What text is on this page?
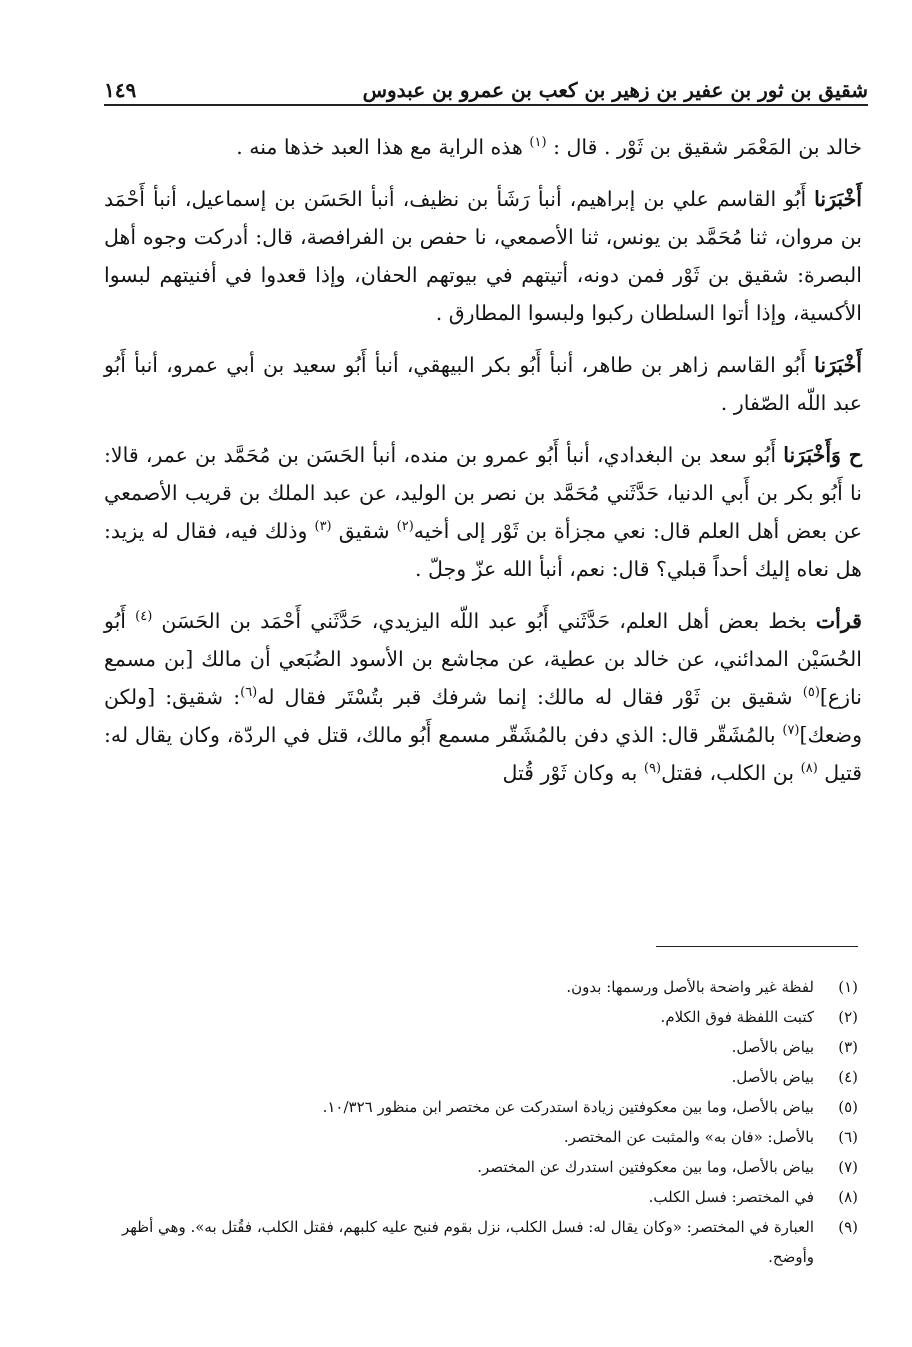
شقيق بن ثور بن عفير بن زهير بن كعب بن عمرو بن عبدوس
١٤٩

خالد بن المَعْمَر شقيق بن ثَوْر . قال : $^{(١)}$ هذه الراية مع هذا العبد خذها منه .

أَخْبَرَنا أَبُو القاسم علي بن إبراهيم، أنبأ رَشَأ بن نظيف، أنبأ الحَسَن بن إسماعيل، أنبأ أَحْمَد بن مروان، ثنا مُحَمَّد بن يونس، ثنا الأصمعي، نا حفص بن الفرافصة، قال: أدركت وجوه أهل البصرة: شقيق بن ثَوْر فمن دونه، أتيتهم في بيوتهم الحفان، وإذا قعدوا في أفنيتهم لبسوا الأكسية، وإذا أتوا السلطان ركبوا ولبسوا المطارق .

أَخْبَرَنا أَبُو القاسم زاهر بن طاهر، أنبأ أَبُو بكر البيهقي، أنبأ أَبُو سعيد بن أبي عمرو، أنبأ أَبُو عبد اللّه الصّفار .

ح وَأَخْبَرَنا أَبُو سعد بن البغدادي، أنبأ أَبُو عمرو بن منده، أنبأ الحَسَن بن مُحَمَّد بن عمر، قالا: نا أَبُو بكر بن أَبي الدنيا، حَدَّثَني مُحَمَّد بن نصر بن الوليد، عن عبد الملك بن قريب الأصمعي عن بعض أهل العلم قال: نعي مجزأة بن ثَوْر إلى أخيه$^{(٢)}$ شقيق $^{(٣)}$ وذلك فيه، فقال له يزيد: هل نعاه إليك أحداً قبلي؟ قال: نعم، أنبأ الله عزّ وجلّ .

قرأت بخط بعض أهل العلم، حَدَّثَني أَبُو عبد اللّه اليزيدي، حَدَّثَني أَحْمَد بن الحَسَن $^{(٤)}$ أَبُو الحُسَيْن المدائني، عن خالد بن عطية، عن مجاشع بن الأسود الضُبَعي أن مالك [بن مسمع نازع]$^{(٥)}$ شقيق بن ثَوْر فقال له مالك: إنما شرفك قبر بتُسْتَر فقال له$^{(٦)}$: شقيق: [ولكن وضعك]$^{(٧)}$ بالمُشَقّر قال: الذي دفن بالمُشَقّر مسمع أَبُو مالك، قتل في الردّة، وكان يقال له: قتيل $^{(٨)}$ بن الكلب، فقتل$^{(٩)}$ به وكان ثَوْر قُتل

(١)
لفظة غير واضحة بالأصل ورسمها: بدون.
(٢)
كتبت اللفظة فوق الكلام.
(٣)
بياض بالأصل.
(٤)
بياض بالأصل.
(٥)
بياض بالأصل، وما بين معكوفتين زيادة استدركت عن مختصر ابن منظور ١٠/٣٢٦.
(٦)
بالأصل: «فان به» والمثبت عن المختصر.
(٧)
بياض بالأصل، وما بين معكوفتين استدرك عن المختصر.
(٨)
في المختصر: فسل الكلب.
(٩)
العبارة في المختصر: «وكان يقال له: فسل الكلب، نزل بقوم فنبح عليه كلبهم، فقتل الكلب، فقُتل به». وهي أظهر وأوضح.
